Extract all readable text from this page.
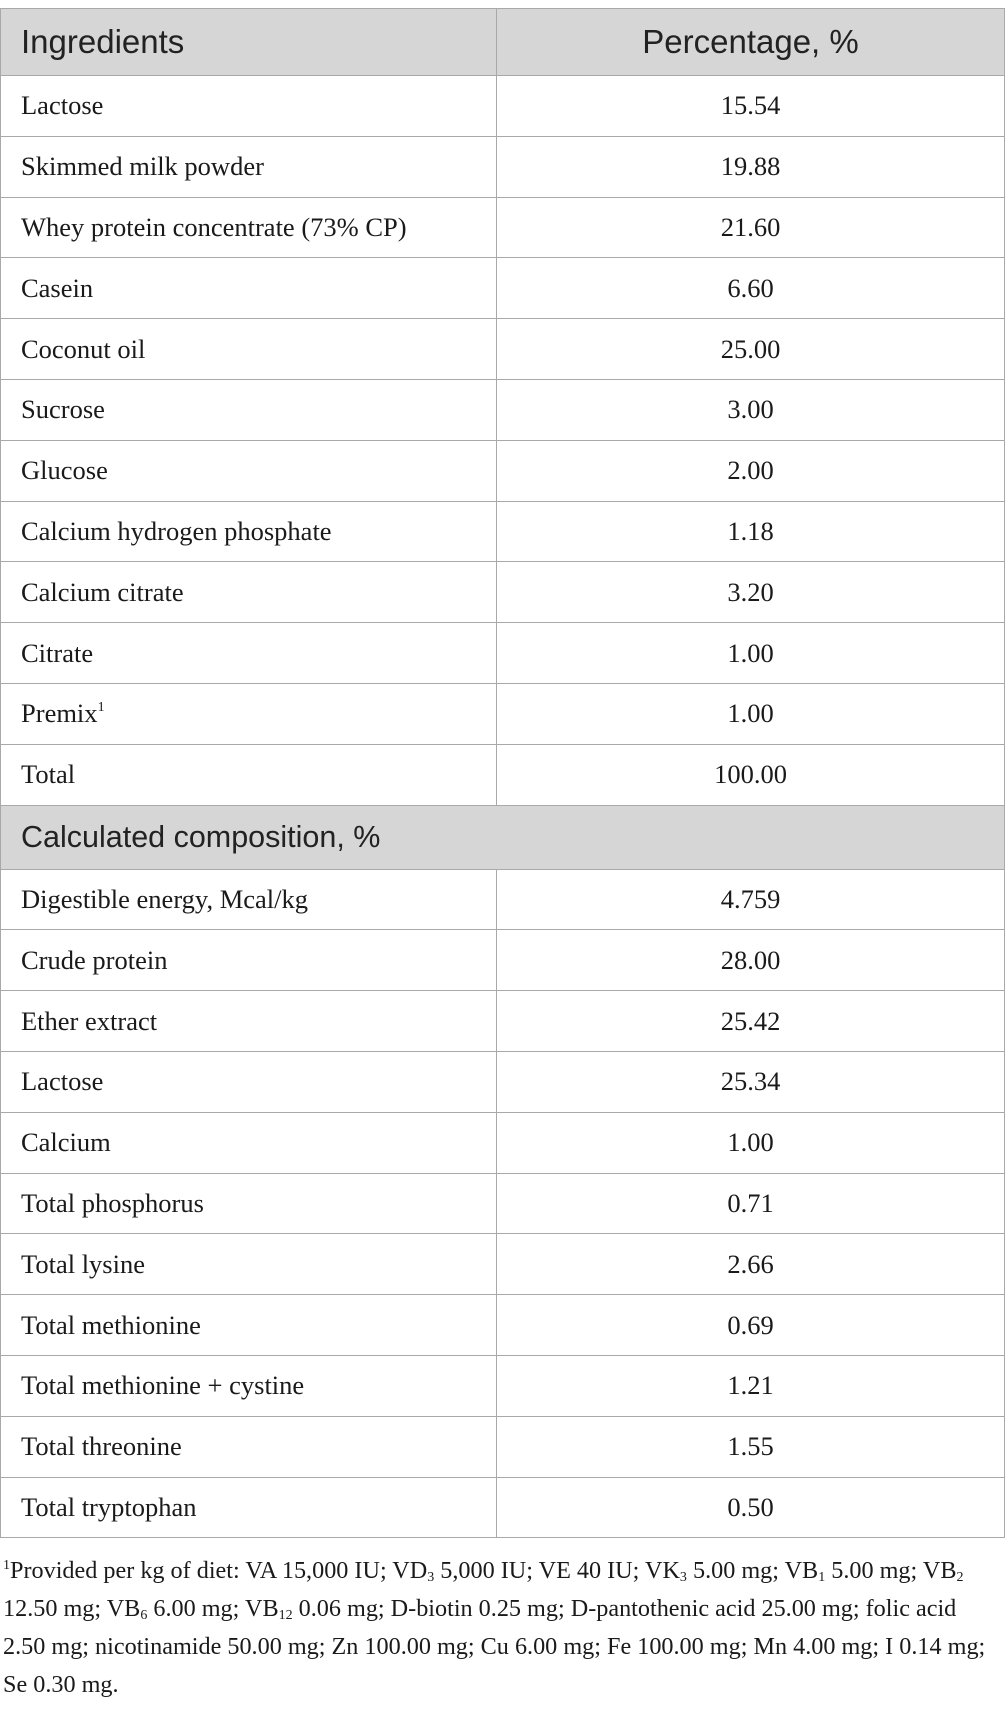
Ingredients	Percentage, %
Lactose	15.54
Skimmed milk powder	19.88
Whey protein concentrate (73% CP)	21.60
Casein	6.60
Coconut oil	25.00
Sucrose	3.00
Glucose	2.00
Calcium hydrogen phosphate	1.18
Calcium citrate	3.20
Citrate	1.00
Premix$^1$	1.00
Total	100.00
Calculated composition, %	
Digestible energy, Mcal/kg	4.759
Crude protein	28.00
Ether extract	25.42
Lactose	25.34
Calcium	1.00
Total phosphorus	0.71
Total lysine	2.66
Total methionine	0.69
Total methionine + cystine	1.21
Total threonine	1.55
Total tryptophan	0.50
$^1$Provided per kg of diet: VA 15,000 IU; $VD_3$ 5,000 IU; VE 40 IU; $VK_3$ 5.00 mg; $VB_1$ 5.00 mg; $VB_2$ 12.50 mg; $VB_6$ 6.00 mg; $VB_{12}$ 0.06 mg; D-biotin 0.25 mg; D-pantothenic acid 25.00 mg; folic acid 2.50 mg; nicotinamide 50.00 mg; Zn 100.00 mg; Cu 6.00 mg; Fe 100.00 mg; Mn 4.00 mg; I 0.14 mg; Se 0.30 mg.
